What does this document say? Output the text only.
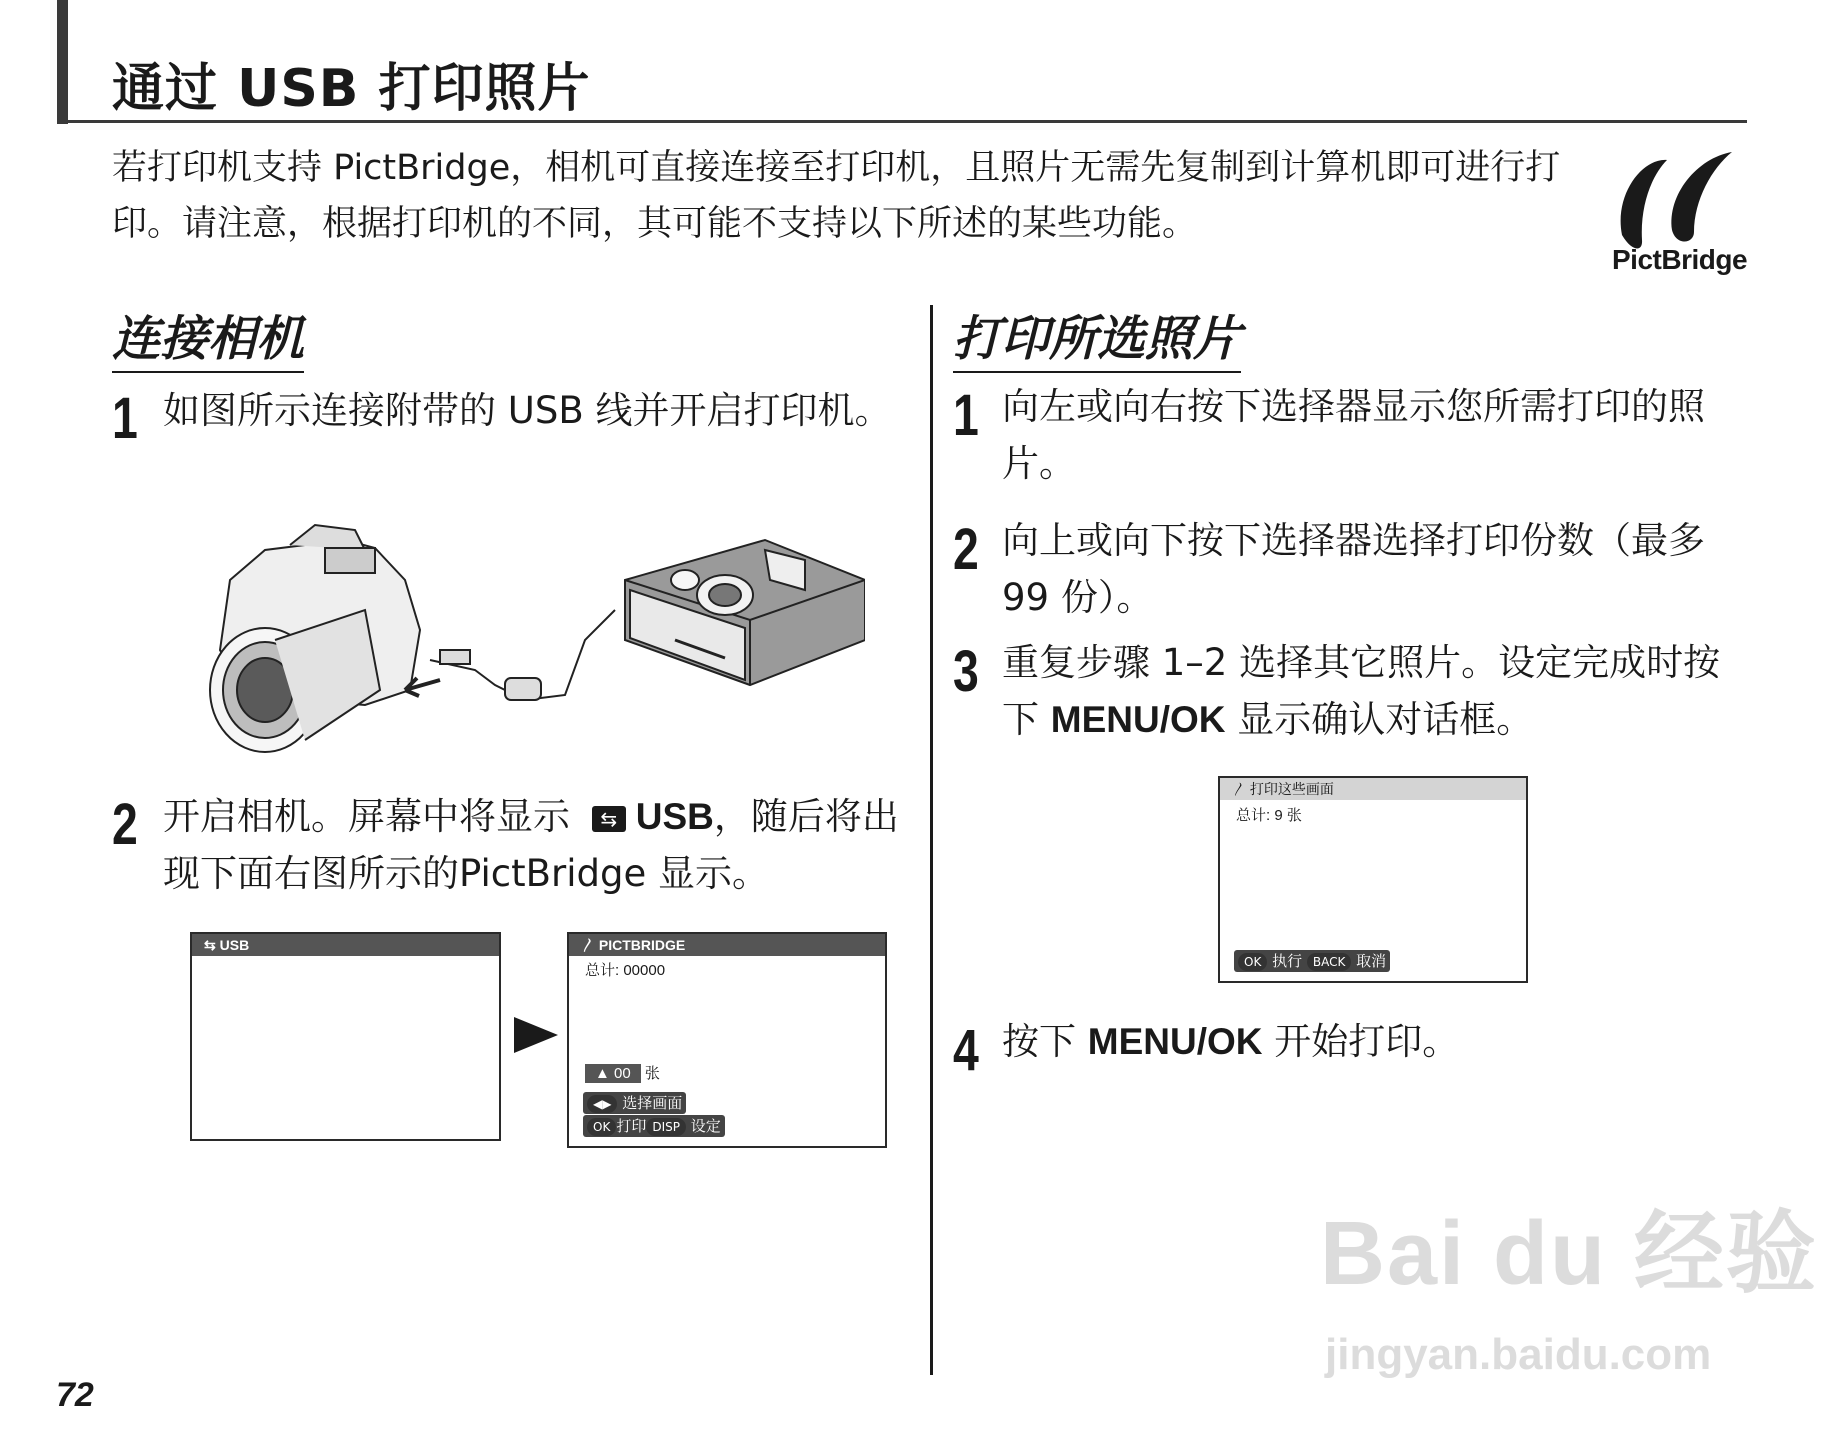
通过 USB 打印照片
若打印机支持 PictBridge，相机可直接连接至打印机，且照片无需先复制到计算机即可进行打印。请注意，根据打印机的不同，其可能不支持以下所述的某些功能。
PictBridge
连接相机
1 如图所示连接附带的 USB 线并开启打印机。
2 开启相机。屏幕中将显示 ⇆ USB，随后将出现下面右图所示的PictBridge 显示。
⇆ USB	〳 PICTBRIDGE
总计: 00000
▲ 00 张
◀▶ 选择画面
OK 打印 DISP 设定
打印所选照片
1 向左或向右按下选择器显示您所需打印的照片。
2 向上或向下按下选择器选择打印份数（最多 99 份）。
3 重复步骤 1–2 选择其它照片。设定完成时按下 MENU/OK 显示确认对话框。
〳 打印这些画面
总计: 9 张
OK 执行 BACK 取消
4 按下 MENU/OK 开始打印。
Bai du 经验
jingyan.baidu.com
72
